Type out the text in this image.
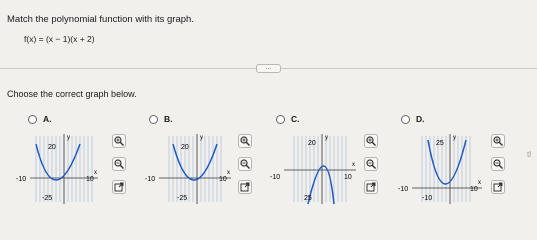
Match the polynomial function with its graph.
f(x) = (x − 1)(x + 2)
…
Choose the correct graph below.
A.	B.	C.	D.
20
y
x
-10	10
-25
20
y
x
-10	10
-25
20
y
x
-10	10
25
25
y
x
-10	10
-10
tl
